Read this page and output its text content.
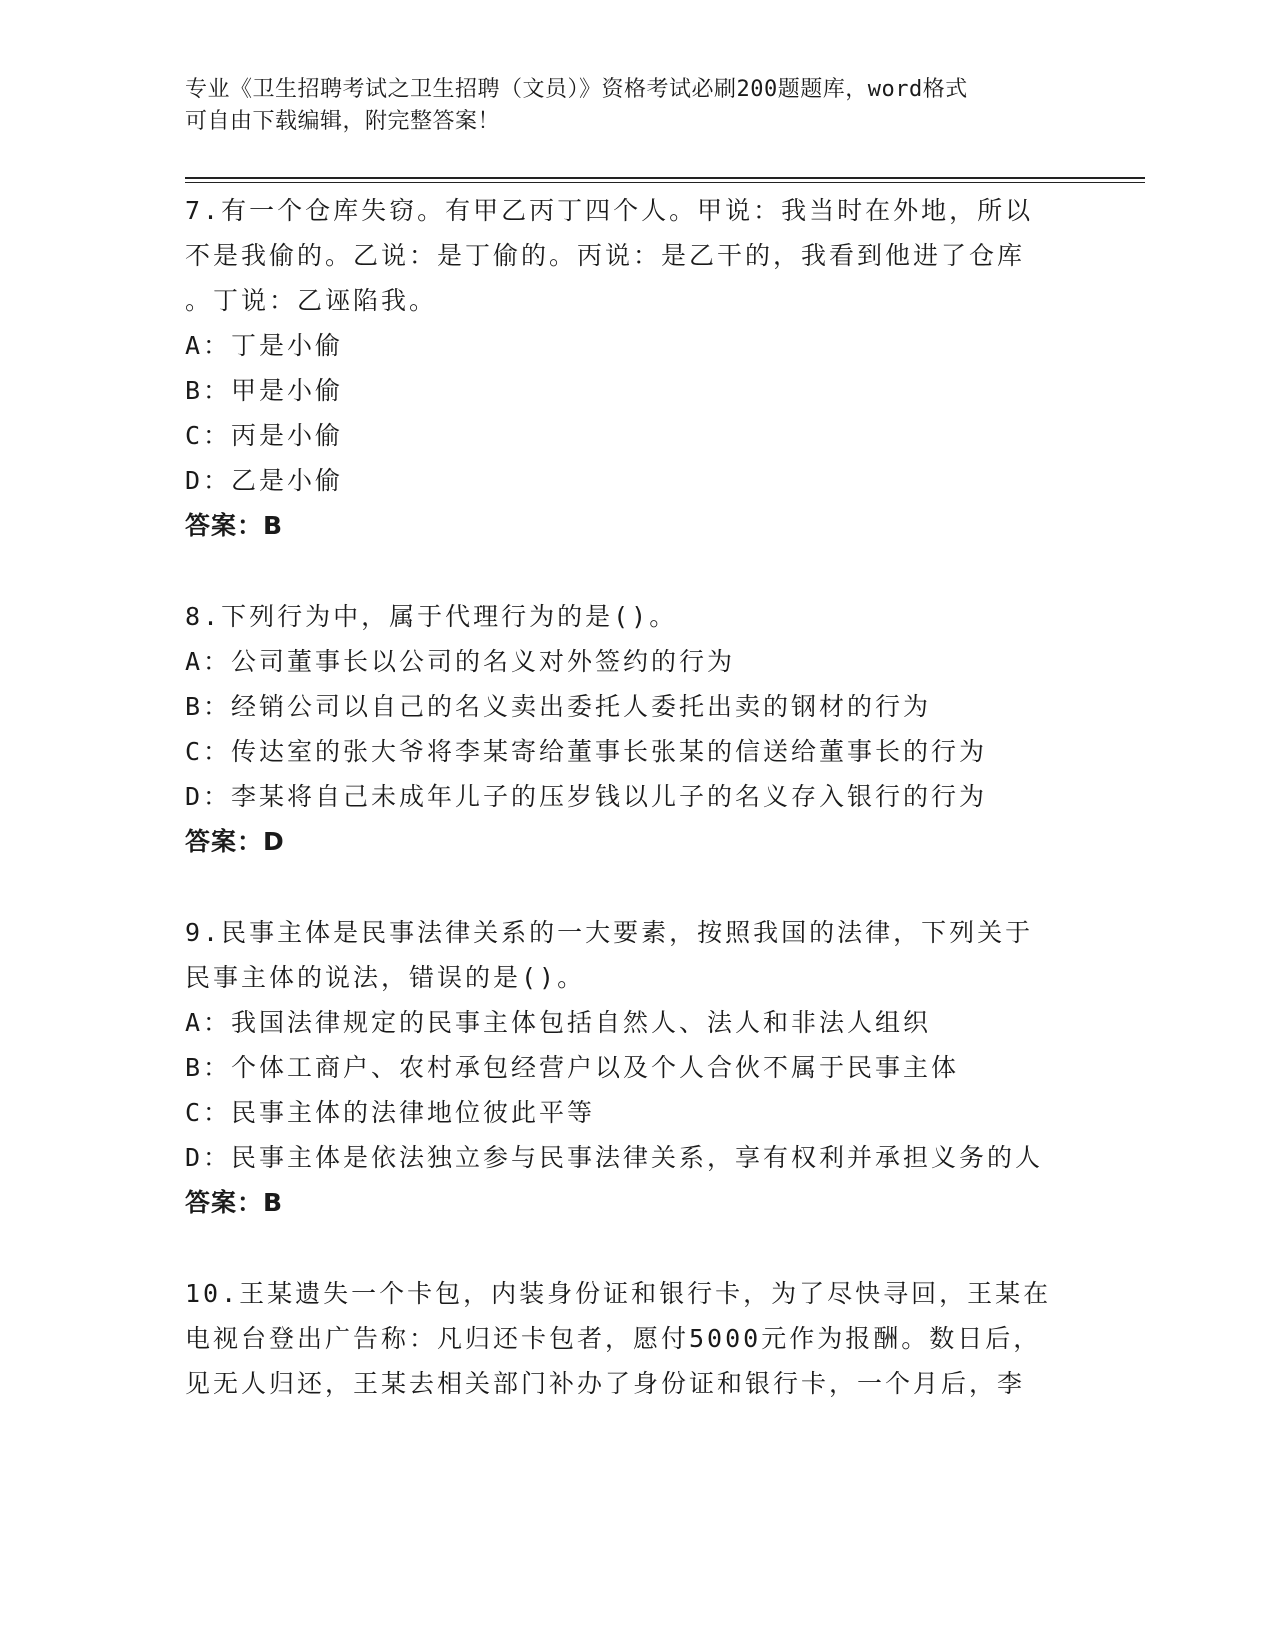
专业《卫生招聘考试之卫生招聘（文员）》资格考试必刷200题题库，word格式
可自由下载编辑，附完整答案！
7.有一个仓库失窃。有甲乙丙丁四个人。甲说：我当时在外地，所以
不是我偷的。乙说：是丁偷的。丙说：是乙干的，我看到他进了仓库
。丁说：乙诬陷我。
A：丁是小偷
B：甲是小偷
C：丙是小偷
D：乙是小偷
答案：B
8.下列行为中，属于代理行为的是()。
A：公司董事长以公司的名义对外签约的行为
B：经销公司以自己的名义卖出委托人委托出卖的钢材的行为
C：传达室的张大爷将李某寄给董事长张某的信送给董事长的行为
D：李某将自己未成年儿子的压岁钱以儿子的名义存入银行的行为
答案：D
9.民事主体是民事法律关系的一大要素，按照我国的法律，下列关于
民事主体的说法，错误的是()。
A：我国法律规定的民事主体包括自然人、法人和非法人组织
B：个体工商户、农村承包经营户以及个人合伙不属于民事主体
C：民事主体的法律地位彼此平等
D：民事主体是依法独立参与民事法律关系，享有权利并承担义务的人
答案：B
10.王某遗失一个卡包，内装身份证和银行卡，为了尽快寻回，王某在
电视台登出广告称：凡归还卡包者，愿付5000元作为报酬。数日后，
见无人归还，王某去相关部门补办了身份证和银行卡，一个月后，李
